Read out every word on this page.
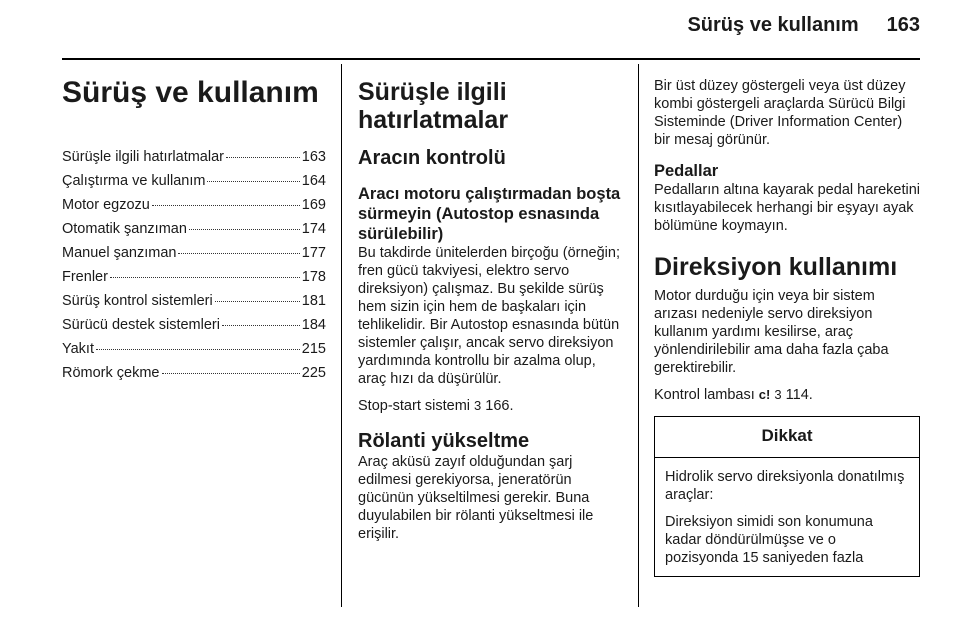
Sürüş ve kullanım 163
Sürüş ve kullanım
Sürüşle ilgili hatırlatmalar	163
Çalıştırma ve kullanım	164
Motor egzozu	169
Otomatik şanzıman	174
Manuel şanzıman	177
Frenler	178
Sürüş kontrol sistemleri	181
Sürücü destek sistemleri	184
Yakıt	215
Römork çekme	225
Sürüşle ilgili hatırlatmalar
Aracın kontrolü
Aracı motoru çalıştırmadan boşta sürmeyin (Autostop esnasında sürülebilir)

Bu takdirde ünitelerden birçoğu (örneğin; fren gücü takviyesi, elektro servo direksiyon) çalışmaz. Bu şekilde sürüş hem sizin için hem de başkaları için tehlikelidir. Bir Autostop esnasında bütün sistemler çalışır, ancak servo direksiyon yardımında kontrollu bir azalma olup, araç hızı da düşürülür.

Stop-start sistemi 3 166.

Rölanti yükseltme

Araç aküsü zayıf olduğundan şarj edilmesi gerekiyorsa, jeneratörün gücünün yükseltilmesi gerekir. Buna duyulabilen bir rölanti yükseltmesi ile erişilir.

Bir üst düzey göstergeli veya üst düzey kombi göstergeli araçlarda Sürücü Bilgi Sisteminde (Driver Information Center) bir mesaj görünür.

Pedallar

Pedalların altına kayarak pedal hareketini kısıtlayabilecek herhangi bir eşyayı ayak bölümüne koymayın.

Direksiyon kullanımı

Motor durduğu için veya bir sistem arızası nedeniyle servo direksiyon kullanım yardımı kesilirse, araç yönlendirilebilir ama daha fazla çaba gerektirebilir.

Kontrol lambası c! 3 114.

Dikkat

Hidrolik servo direksiyonla donatılmış araçlar:

Direksiyon simidi son konumuna kadar döndürülmüşse ve o pozisyonda 15 saniyeden fazla
